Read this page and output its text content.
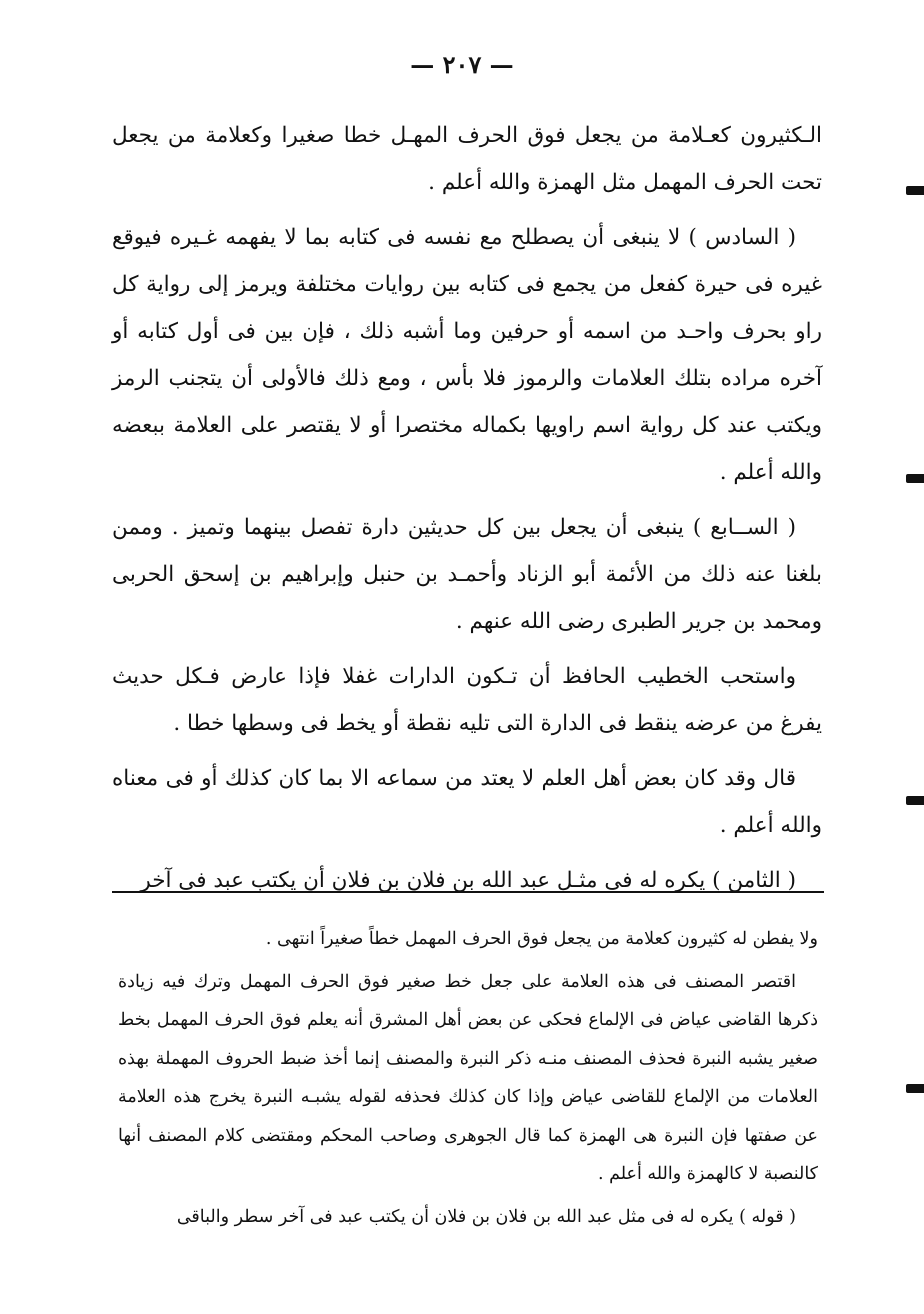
— ٢٠٧ —

الـكثيرون كعـلامة من يجعل فوق الحرف المهـل خطا صغيرا وكعلامة من يجعل تحت الحرف المهمل مثل الهمزة والله أعلم .

( السادس ) لا ينبغى أن يصطلح مع نفسه فى كتابه بما لا يفهمه غـيره فيوقع غيره فى حيرة كفعل من يجمع فى كتابه بين روايات مختلفة ويرمز إلى رواية كل راو بحرف واحـد من اسمه أو حرفين وما أشبه ذلك ، فإن بين فى أول كتابه أو آخره مراده بتلك العلامات والرموز فلا بأس ، ومع ذلك فالأولى أن يتجنب الرمز ويكتب عند كل رواية اسم راويها بكماله مختصرا أو لا يقتصر على العلامة ببعضه والله أعلم .

( الســابع ) ينبغى أن يجعل بين كل حديثين دارة تفصل بينهما وتميز . وممن بلغنا عنه ذلك من الأئمة أبو الزناد وأحمـد بن حنبل وإبراهيم بن إسحق الحربى ومحمد بن جرير الطبرى رضى الله عنهم .

واستحب الخطيب الحافظ أن تـكون الدارات غفلا فإذا عارض فـكل حديث يفرغ من عرضه ينقط فى الدارة التى تليه نقطة أو يخط فى وسطها خطا .

قال وقد كان بعض أهل العلم لا يعتد من سماعه الا بما كان كذلك أو فى معناه والله أعلم .

( الثامن ) يكره له فى مثـل عبد الله بن فلان بن فلان أن يكتب عبد فى آخر

ولا يفطن له كثيرون كعلامة من يجعل فوق الحرف المهمل خطاً صغيراً انتهى .

اقتصر المصنف فى هذه العلامة على جعل خط صغير فوق الحرف المهمل وترك فيه زيادة ذكرها القاضى عياض فى الإلماع فحكى عن بعض أهل المشرق أنه يعلم فوق الحرف المهمل بخط صغير يشبه النبرة فحذف المصنف منـه ذكر النبرة والمصنف إنما أخذ ضبط الحروف المهملة بهذه العلامات من الإلماع للقاضى عياض وإذا كان كذلك فحذفه لقوله يشبـه النبرة يخرج هذه العلامة عن صفتها فإن النبرة هى الهمزة كما قال الجوهرى وصاحب المحكم ومقتضى كلام المصنف أنها كالنصبة لا كالهمزة والله أعلم .

( قوله ) يكره له فى مثل عبد الله بن فلان بن فلان أن يكتب عبد فى آخر سطر والباقى
